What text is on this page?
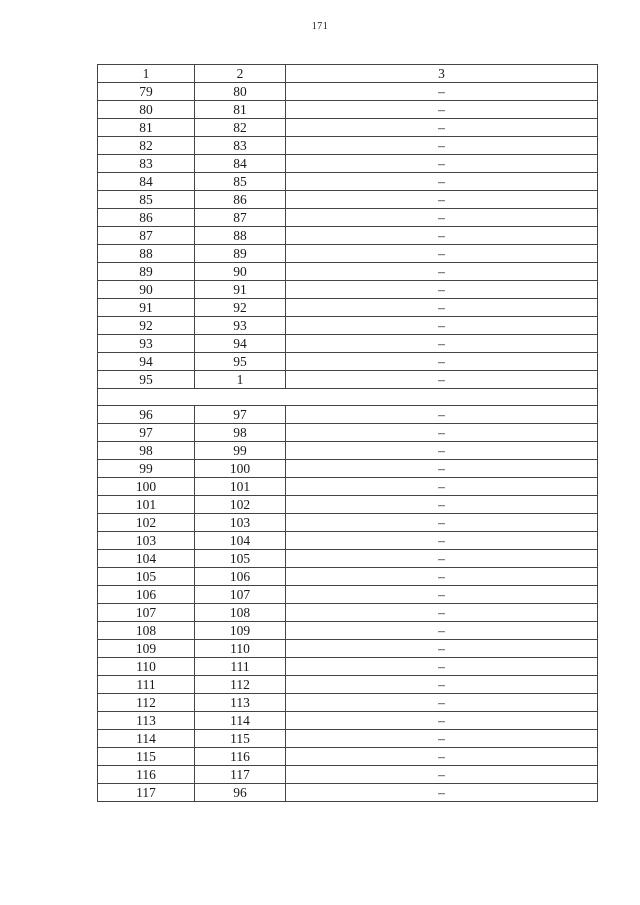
171
1	2	3
79	80	–
80	81	–
81	82	–
82	83	–
83	84	–
84	85	–
85	86	–
86	87	–
87	88	–
88	89	–
89	90	–
90	91	–
91	92	–
92	93	–
93	94	–
94	95	–
95	1	–

96	97	–
97	98	–
98	99	–
99	100	–
100	101	–
101	102	–
102	103	–
103	104	–
104	105	–
105	106	–
106	107	–
107	108	–
108	109	–
109	110	–
110	111	–
111	112	–
112	113	–
113	114	–
114	115	–
115	116	–
116	117	–
117	96	–
